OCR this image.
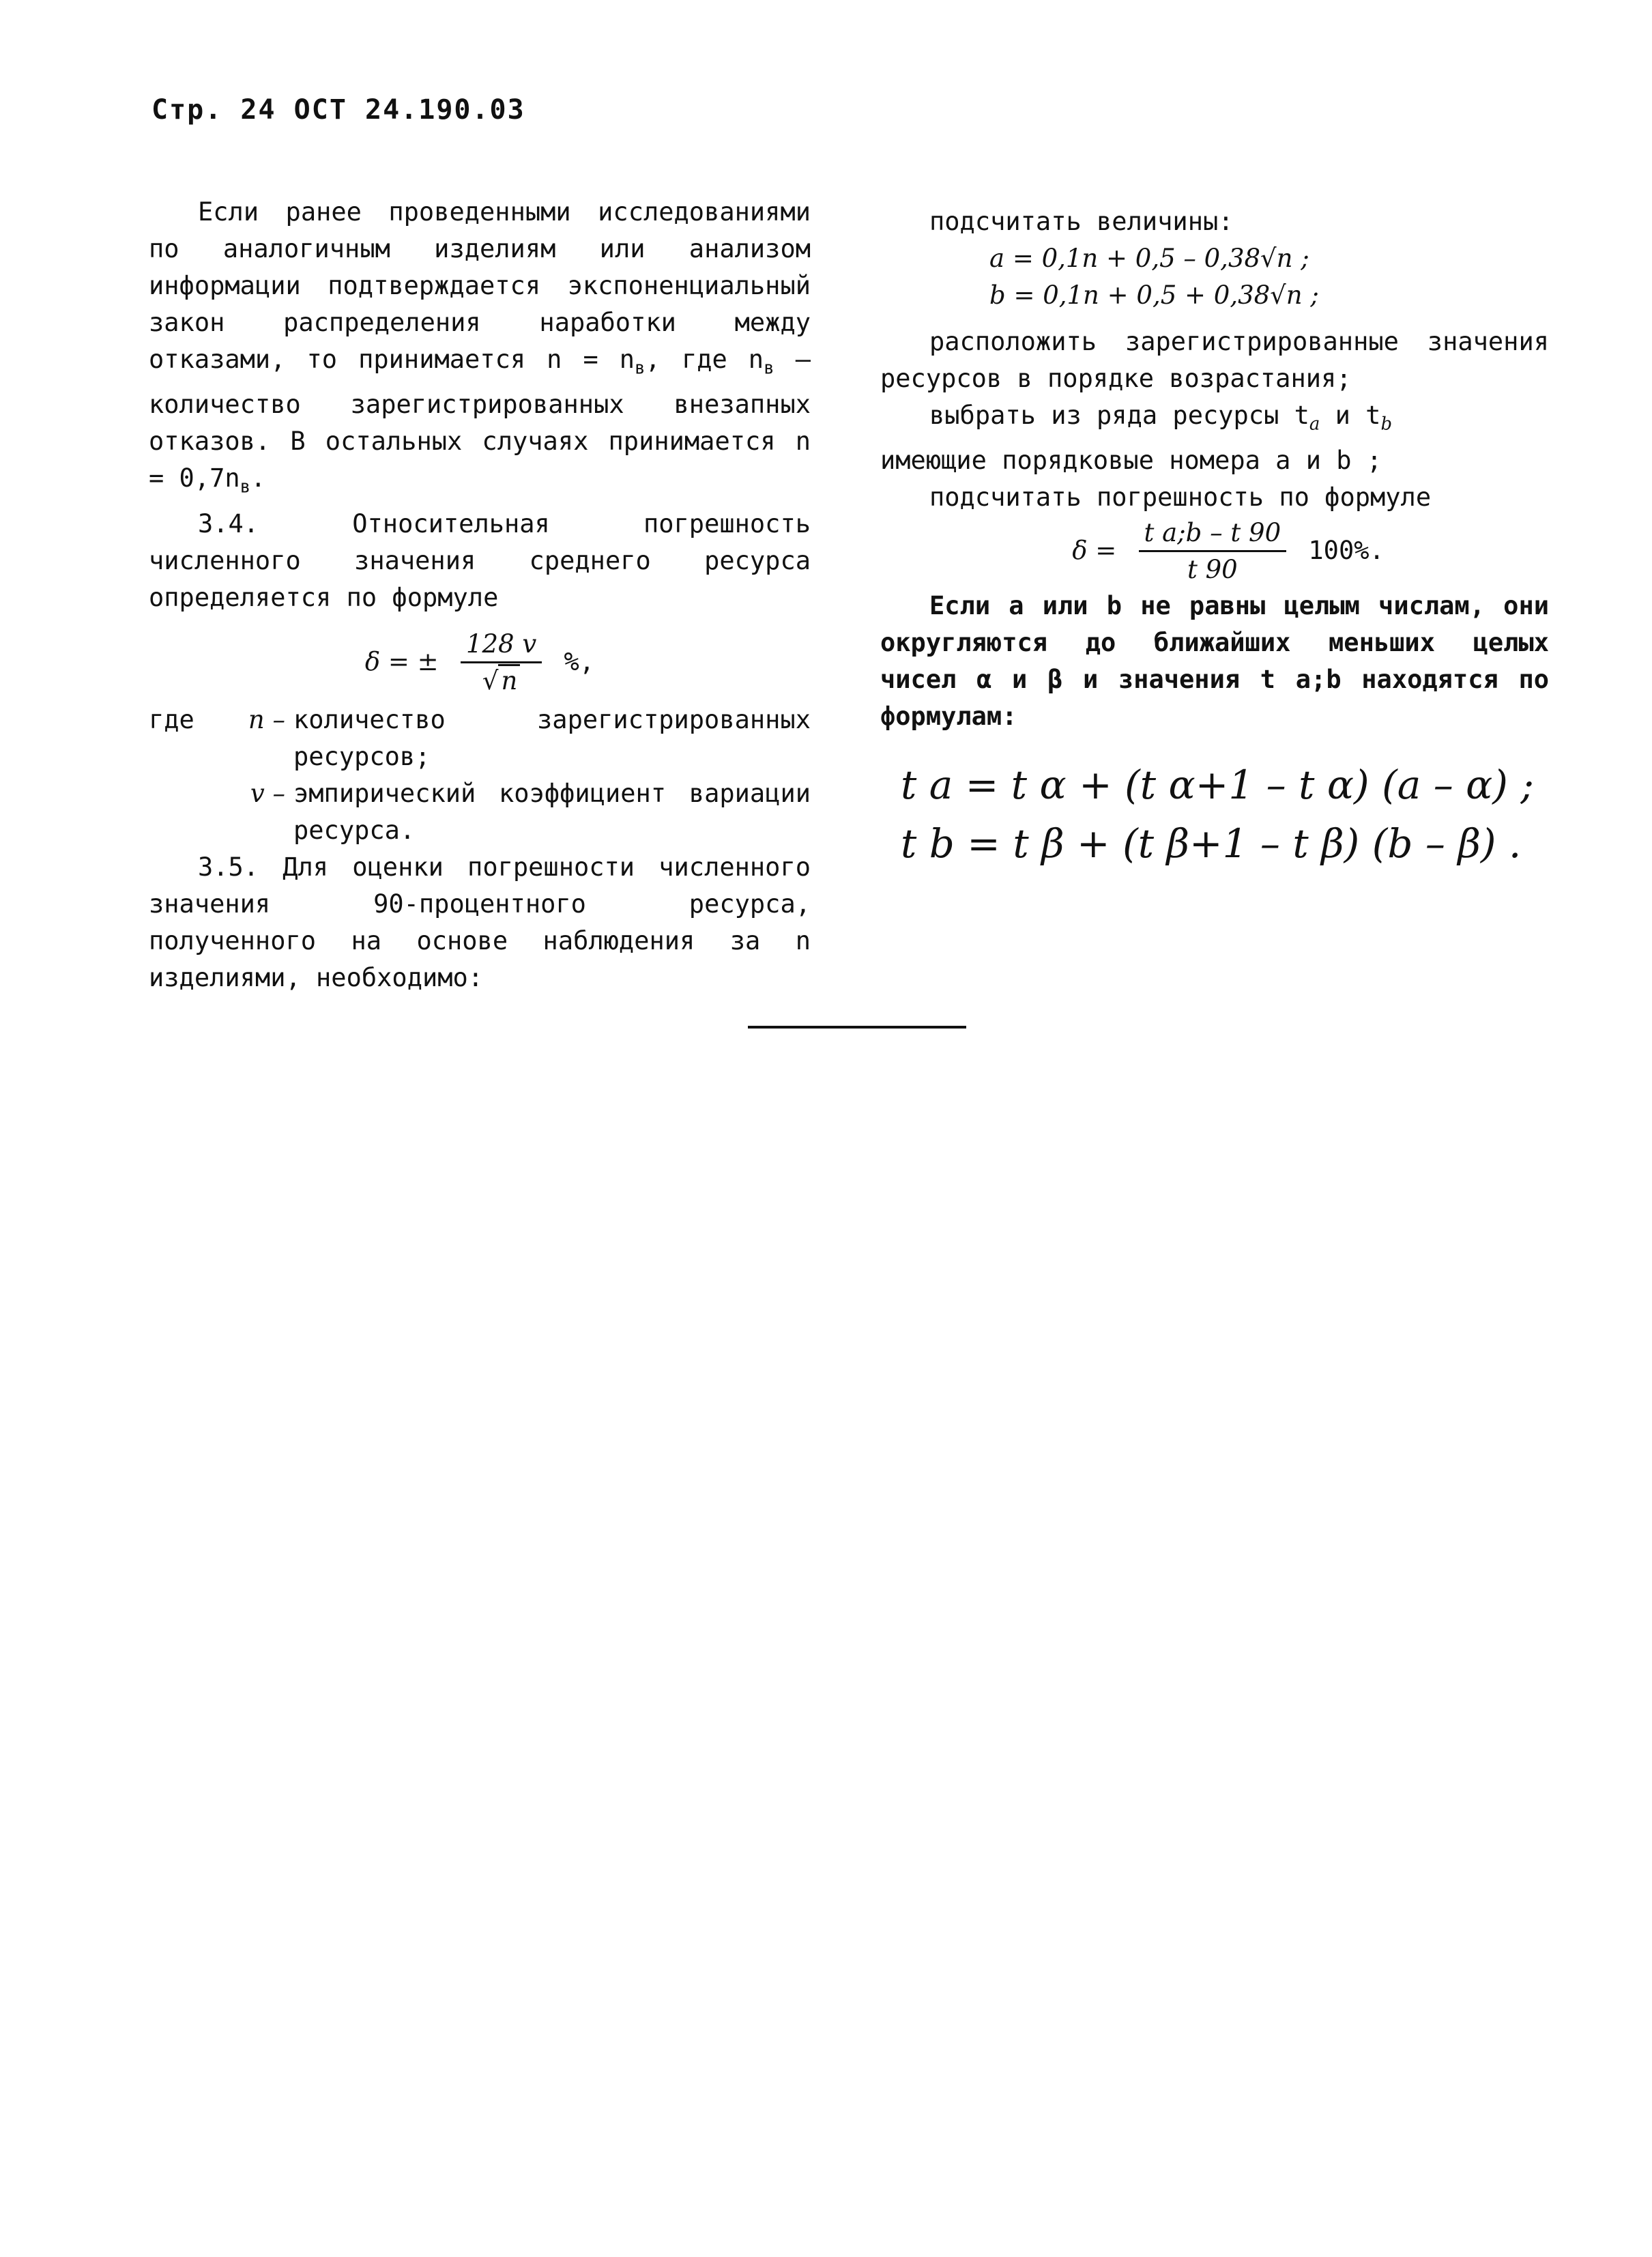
Стр. 24 ОСТ 24.190.03

Если ранее проведенными исследованиями по аналогичным изделиям или анализом информации подтверждается экспоненциальный закон распределения наработки между отказами, то принимается $n = n_в$, где $n_в$ – количество зарегистрированных внезапных отказов. В остальных случаях принимается $n = 0,7n_в$.

3.4. Относительная погрешность численного значения среднего ресурса определяется по формуле

δ = ± $\frac{128 v}{√ n}$ %,

где	n – количество зарегистрированных ресурсов;
v – эмпирический коэффициент вариации ресурса.

3.5. Для оценки погрешности численного значения 90-процентного ресурса, полученного на основе наблюдения за n изделиями, необходимо:

подсчитать величины:

a = 0,1n + 0,5 – 0,38√n ;

b = 0,1n + 0,5 + 0,38√n ;

расположить зарегистрированные значения ресурсов в порядке возрастания;

выбрать из ряда ресурсы $t_a$ и $t_b$

имеющие порядковые номера a и b ;

подсчитать погрешность по формуле

$\delta = \frac{\text{t a;b – t 90}}{t 90} 100\%$.

Если a или b не равны целым числам, они округляются до ближайших меньших целых чисел α и β и значения t a;b находятся по формулам:

t a = t α + (t α+1 – t α) (a – α) ;
t b = t β + (t β+1 – t β) (b – β) .
